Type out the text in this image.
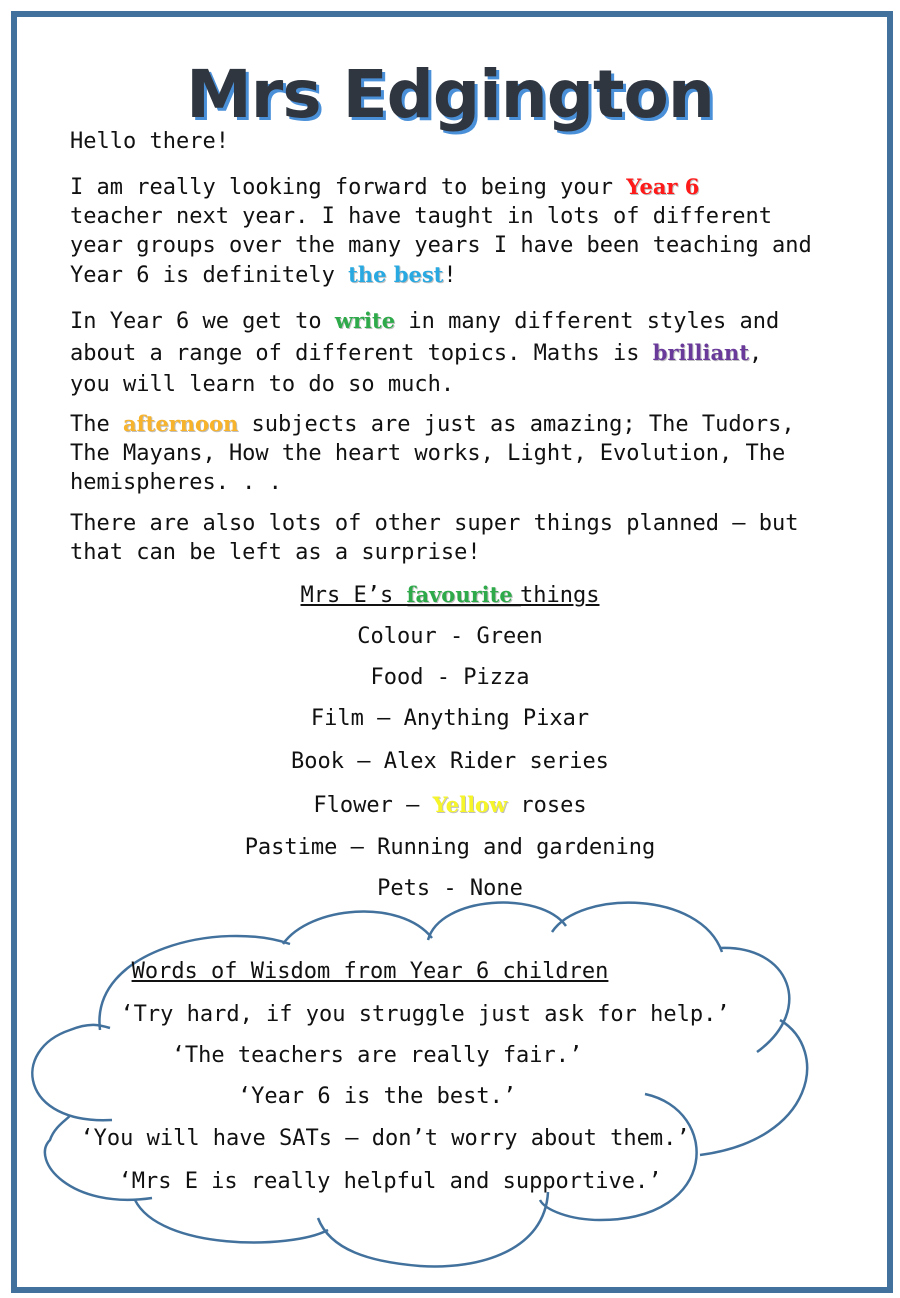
Mrs Edgington

Hello there!

I am really looking forward to being your Year 6
teacher next year. I have taught in lots of different
year groups over the many years I have been teaching and
Year 6 is definitely the best!

In Year 6 we get to write in many different styles and
about a range of different topics. Maths is brilliant,
you will learn to do so much.

The afternoon subjects are just as amazing; The Tudors,
The Mayans, How the heart works, Light, Evolution, The
hemispheres. . .

There are also lots of other super things planned – but
that can be left as a surprise!

Mrs E’s favourite things
Colour - Green
Food - Pizza
Film – Anything Pixar
Book – Alex Rider series
Flower – Yellow roses
Pastime – Running and gardening
Pets - None
Words of Wisdom from Year 6 children
‘Try hard, if you struggle just ask for help.’
‘The teachers are really fair.’
‘Year 6 is the best.’
‘You will have SATs – don’t worry about them.’
‘Mrs E is really helpful and supportive.’
